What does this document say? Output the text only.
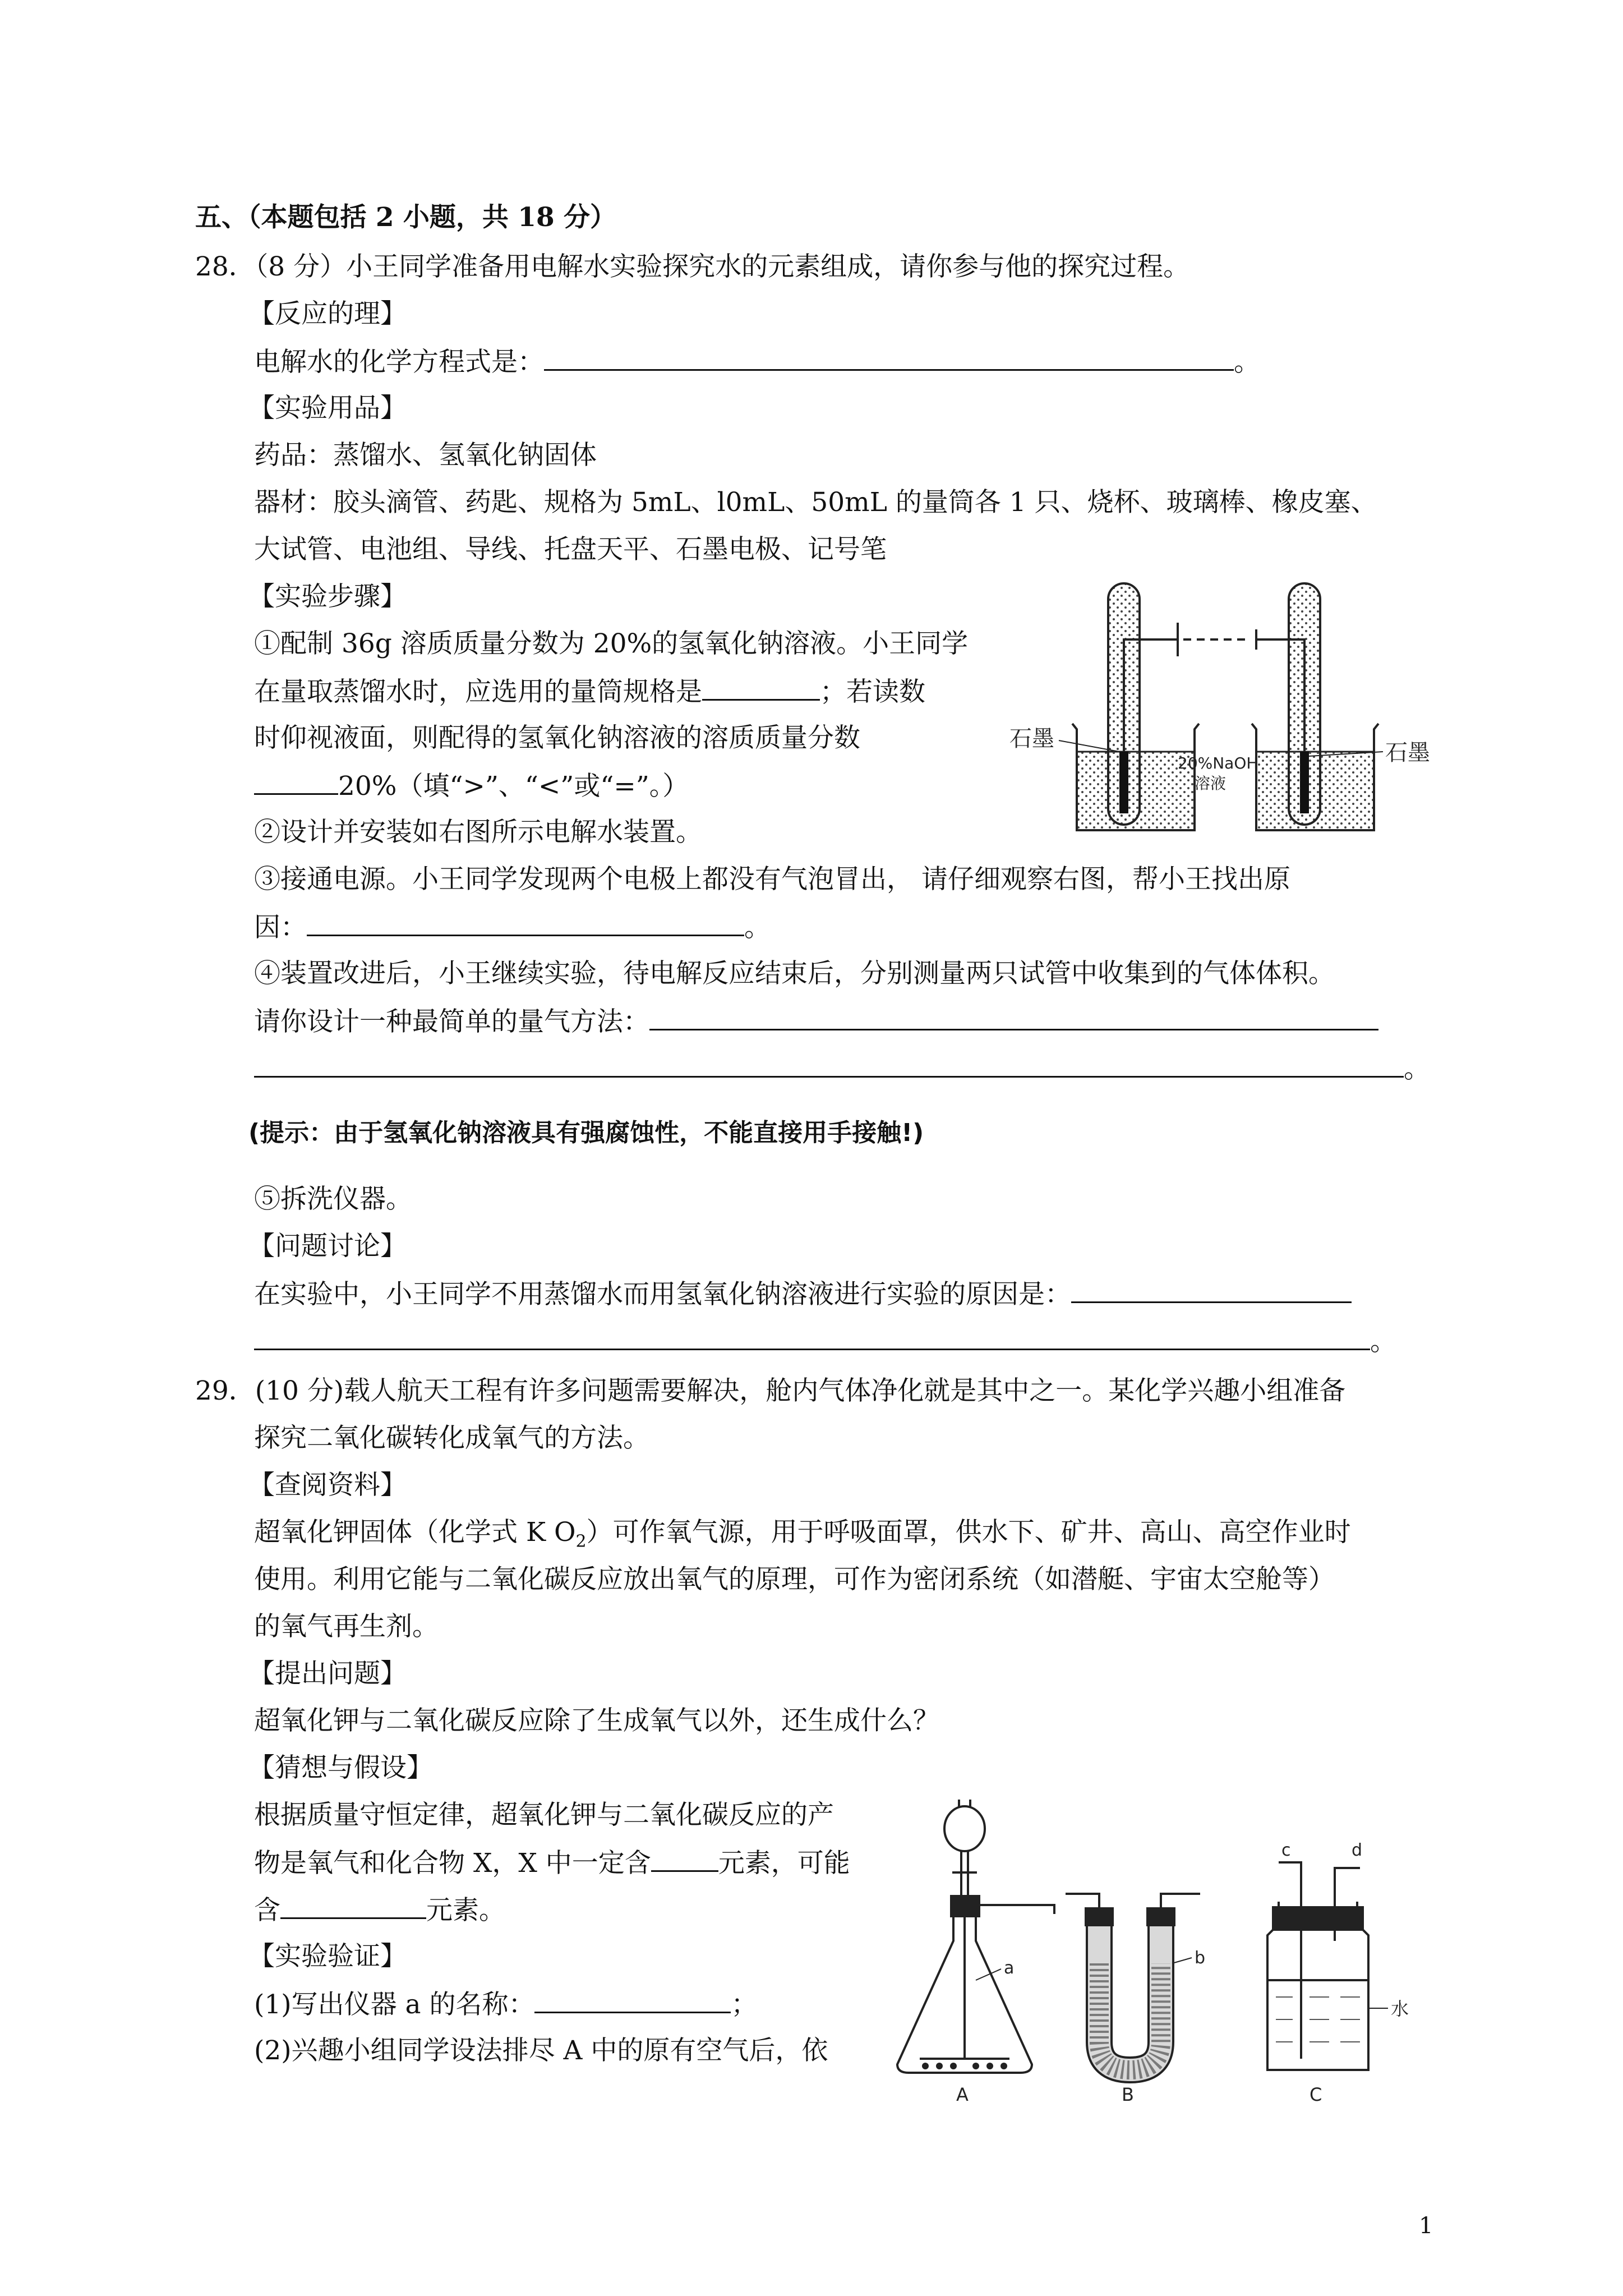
五、（本题包括 2 小题，共 18 分）
28．（8 分）小王同学准备用电解水实验探究水的元素组成，请你参与他的探究过程。
【反应的理】
电解水的化学方程式是：	。
【实验用品】
药品：蒸馏水、氢氧化钠固体
器材：胶头滴管、药匙、规格为 5mL、l0mL、50mL 的量筒各 1 只、烧杯、玻璃棒、橡皮塞、
大试管、电池组、导线、托盘天平、石墨电极、记号笔
【实验步骤】
①配制 36g 溶质质量分数为 20%的氢氧化钠溶液。小王同学
在量取蒸馏水时，应选用的量筒规格是	；若读数
时仰视液面，则配得的氢氧化钠溶液的溶质质量分数
20%（填“>”、“<”或“=”。）
②设计并安装如右图所示电解水装置。
③接通电源。小王同学发现两个电极上都没有气泡冒出， 请仔细观察右图，帮小王找出原
因：	。
④装置改进后，小王继续实验，待电解反应结束后，分别测量两只试管中收集到的气体体积。
请你设计一种最简单的量气方法：
。
(提示：由于氢氧化钠溶液具有强腐蚀性，不能直接用手接触!)
⑤拆洗仪器。
【问题讨论】
在实验中，小王同学不用蒸馏水而用氢氧化钠溶液进行实验的原因是：
。
石墨
石墨
20%NaOH
溶液
29．(10 分)载人航天工程有许多问题需要解决，舱内气体净化就是其中之一。某化学兴趣小组准备
探究二氧化碳转化成氧气的方法。
【查阅资料】
超氧化钾固体（化学式 K $O_2$）可作氧气源，用于呼吸面罩，供水下、矿井、高山、高空作业时
使用。利用它能与二氧化碳反应放出氧气的原理，可作为密闭系统（如潜艇、宇宙太空舱等）
的氧气再生剂。
【提出问题】
超氧化钾与二氧化碳反应除了生成氧气以外，还生成什么？
【猜想与假设】
根据质量守恒定律，超氧化钾与二氧化碳反应的产
物是氧气和化合物 X，X 中一定含	元素，可能
含	元素。
【实验验证】
(1)写出仪器 a 的名称：	；
(2)兴趣小组同学设法排尽 A 中的原有空气后，依
a
A
b
B
c	d
水
C
1
